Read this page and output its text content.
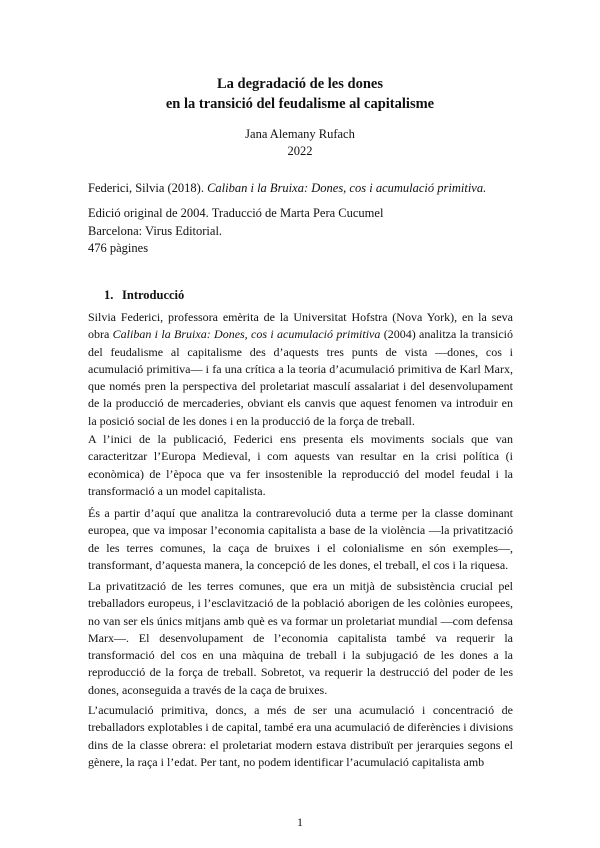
La degradació de les dones
en la transició del feudalisme al capitalisme
Jana Alemany Rufach
2022
Federici, Silvia (2018). Caliban i la Bruixa: Dones, cos i acumulació primitiva.
Edició original de 2004. Traducció de Marta Pera Cucumel
Barcelona: Virus Editorial.
476 pàgines
1. Introducció
Silvia Federici, professora emèrita de la Universitat Hofstra (Nova York), en la seva obra Caliban i la Bruixa: Dones, cos i acumulació primitiva (2004) analitza la transició del feudalisme al capitalisme des d’aquests tres punts de vista —dones, cos i acumulació primitiva— i fa una crítica a la teoria d’acumulació primitiva de Karl Marx, que només pren la perspectiva del proletariat masculí assalariat i del desenvolupament de la producció de mercaderies, obviant els canvis que aquest fenomen va introduir en la posició social de les dones i en la producció de la força de treball.
A l’inici de la publicació, Federici ens presenta els moviments socials que van caracteritzar l’Europa Medieval, i com aquests van resultar en la crisi política (i econòmica) de l’època que va fer insostenible la reproducció del model feudal i la transformació a un model capitalista.
És a partir d’aquí que analitza la contrarevolució duta a terme per la classe dominant europea, que va imposar l’economia capitalista a base de la violència —la privatització de les terres comunes, la caça de bruixes i el colonialisme en són exemples—, transformant, d’aquesta manera, la concepció de les dones, el treball, el cos i la riquesa.
La privatització de les terres comunes, que era un mitjà de subsistència crucial pel treballadors europeus, i l’esclavització de la població aborigen de les colònies europees, no van ser els únics mitjans amb què es va formar un proletariat mundial —com defensa Marx—. El desenvolupament de l’economia capitalista també va requerir la transformació del cos en una màquina de treball i la subjugació de les dones a la reproducció de la força de treball. Sobretot, va requerir la destrucció del poder de les dones, aconseguida a través de la caça de bruixes.
L’acumulació primitiva, doncs, a més de ser una acumulació i concentració de treballadors explotables i de capital, també era una acumulació de diferències i divisions dins de la classe obrera: el proletariat modern estava distribuït per jerarquies segons el gènere, la raça i l’edat. Per tant, no podem identificar l’acumulació capitalista amb
1
